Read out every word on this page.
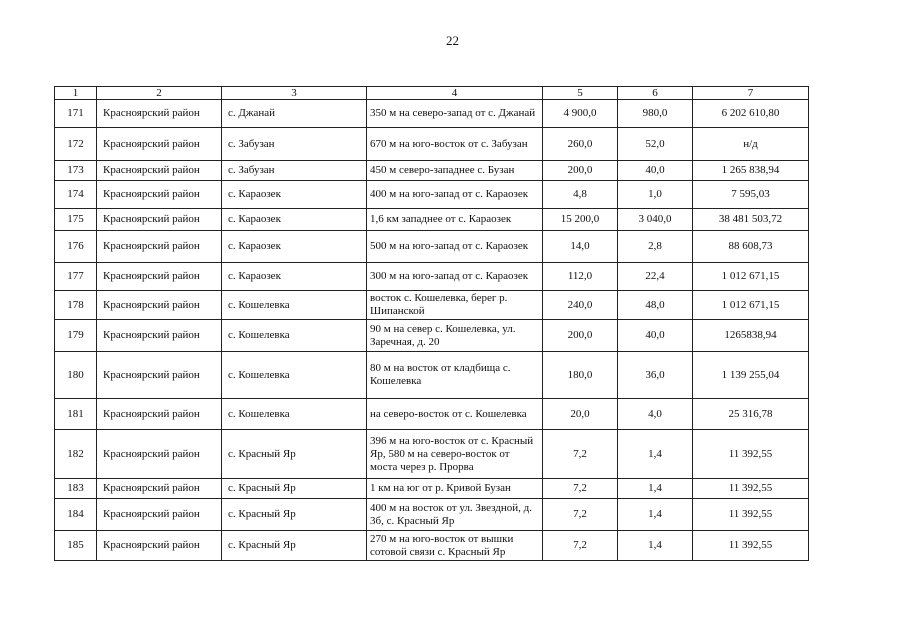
22
1	2	3	4	5	6	7
171	Красноярский район	с. Джанай	350 м на северо-запад от с. Джанай	4 900,0	980,0	6 202 610,80
172	Красноярский район	с. Забузан	670 м на юго-восток от с. Забузан	260,0	52,0	н/д
173	Красноярский район	с. Забузан	450 м северо-западнее с. Бузан	200,0	40,0	1 265 838,94
174	Красноярский район	с. Караозек	400 м на юго-запад от с. Караозек	4,8	1,0	7 595,03
175	Красноярский район	с. Караозек	1,6 км западнее от с. Караозек	15 200,0	3 040,0	38 481 503,72
176	Красноярский район	с. Караозек	500 м на юго-запад от с. Караозек	14,0	2,8	88 608,73
177	Красноярский район	с. Караозек	300 м на юго-запад от с. Караозек	112,0	22,4	1 012 671,15
178	Красноярский район	с. Кошелевка	восток с. Кошелевка, берег р. Шипанской	240,0	48,0	1 012 671,15
179	Красноярский район	с. Кошелевка	90 м на север с. Кошелевка, ул. Заречная, д. 20	200,0	40,0	1265838,94
180	Красноярский район	с. Кошелевка	80 м на восток от кладбища с. Кошелевка	180,0	36,0	1 139 255,04
181	Красноярский район	с. Кошелевка	на северо-восток от с. Кошелевка	20,0	4,0	25 316,78
182	Красноярский район	с. Красный Яр	396 м на юго-восток от с. Красный Яр, 580 м на северо-восток от моста через р. Прорва	7,2	1,4	11 392,55
183	Красноярский район	с. Красный Яр	1 км на юг от р. Кривой Бузан	7,2	1,4	11 392,55
184	Красноярский район	с. Красный Яр	400 м на восток от ул. Звездной, д. 3б, с. Красный Яр	7,2	1,4	11 392,55
185	Красноярский район	с. Красный Яр	270 м на юго-восток от вышки сотовой связи с. Красный Яр	7,2	1,4	11 392,55
